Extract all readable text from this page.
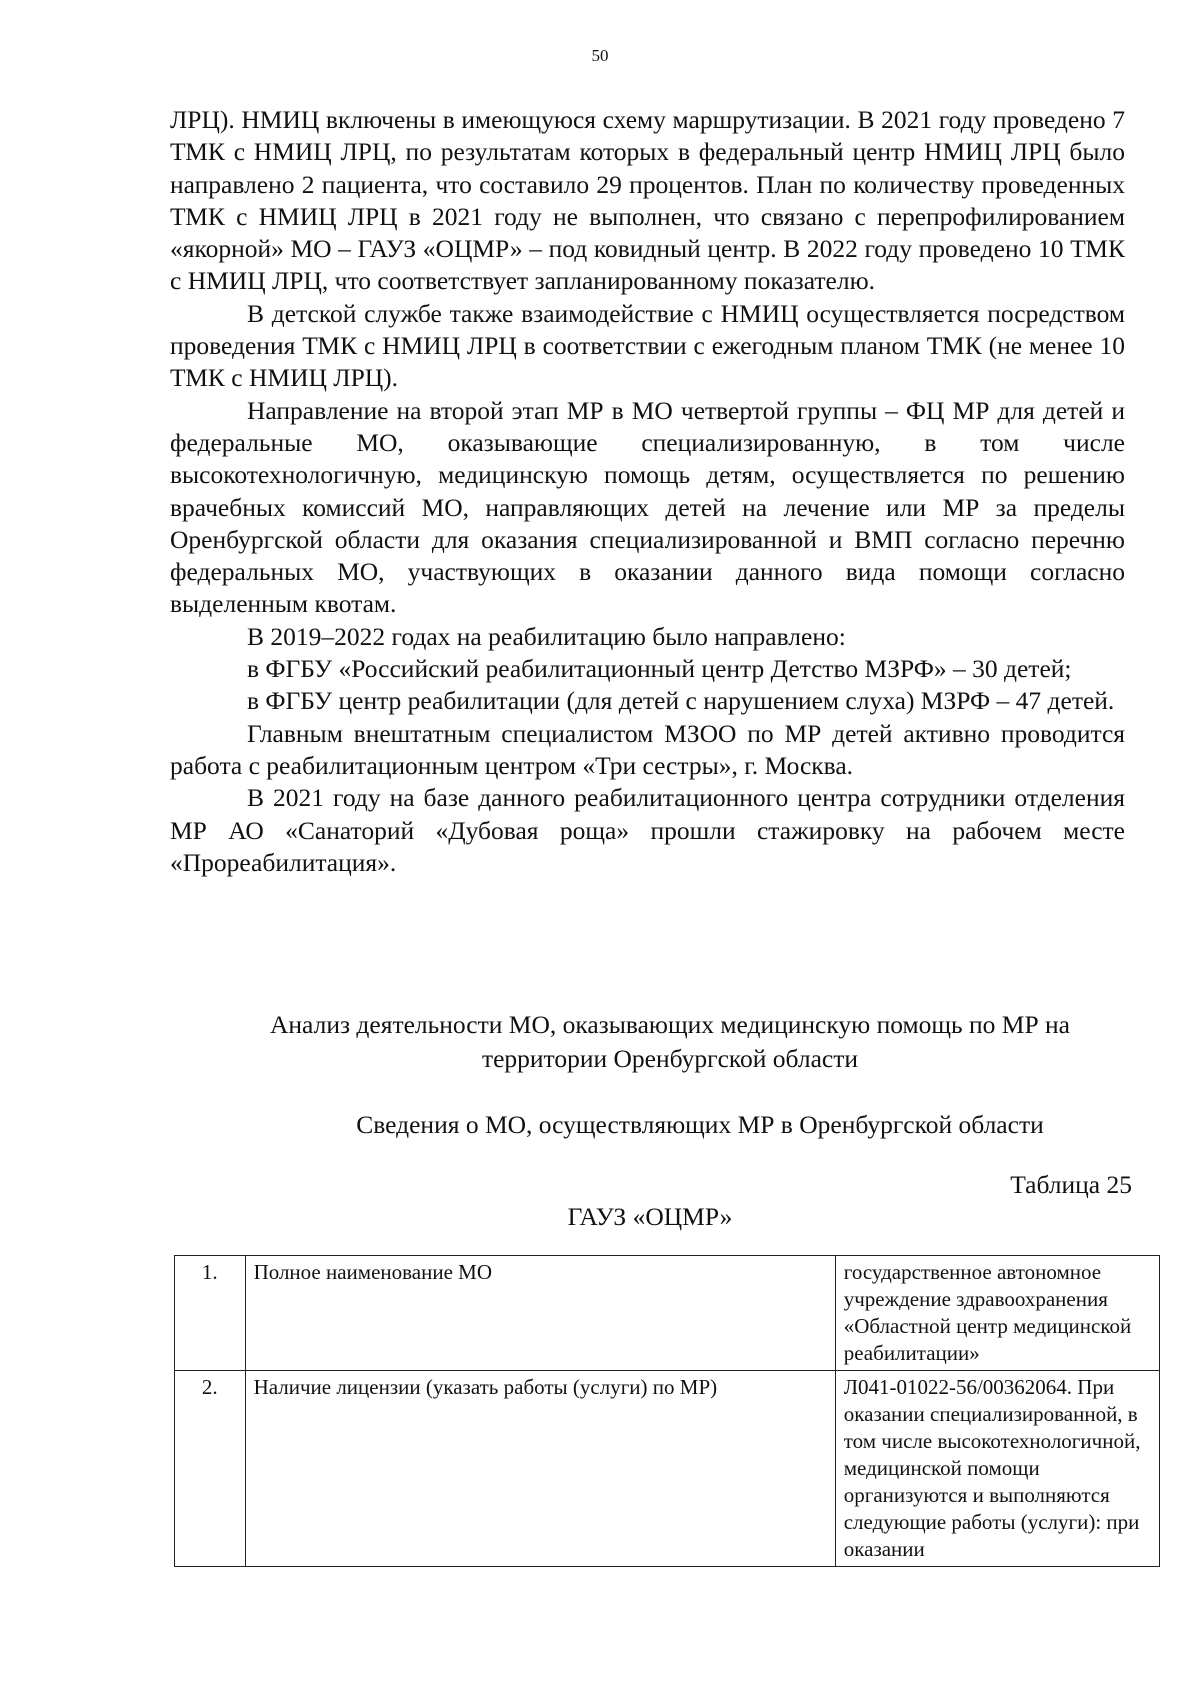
50

ЛРЦ). НМИЦ включены в имеющуюся схему маршрутизации. В 2021 году проведено 7 ТМК с НМИЦ ЛРЦ, по результатам которых в федеральный центр НМИЦ ЛРЦ было направлено 2 пациента, что составило 29 процентов. План по количеству проведенных ТМК с НМИЦ ЛРЦ в 2021 году не выполнен, что связано с перепрофилированием «якорной» МО – ГАУЗ «ОЦМР» – под ковидный центр. В 2022 году проведено 10 ТМК с НМИЦ ЛРЦ, что соответствует запланированному показателю.

В детской службе также взаимодействие с НМИЦ осуществляется посредством проведения ТМК с НМИЦ ЛРЦ в соответствии с ежегодным планом ТМК (не менее 10 ТМК с НМИЦ ЛРЦ).

Направление на второй этап МР в МО четвертой группы – ФЦ МР для детей и федеральные МО, оказывающие специализированную, в том числе высокотехнологичную, медицинскую помощь детям, осуществляется по решению врачебных комиссий МО, направляющих детей на лечение или МР за пределы Оренбургской области для оказания специализированной и ВМП согласно перечню федеральных МО, участвующих в оказании данного вида помощи согласно выделенным квотам.

В 2019–2022 годах на реабилитацию было направлено:

в ФГБУ «Российский реабилитационный центр Детство МЗРФ» – 30 детей;

в ФГБУ центр реабилитации (для детей с нарушением слуха) МЗРФ – 47 детей.

Главным внештатным специалистом МЗОО по МР детей активно проводится работа с реабилитационным центром «Три сестры», г. Москва.

В 2021 году на базе данного реабилитационного центра сотрудники отделения МР АО «Санаторий «Дубовая роща» прошли стажировку на рабочем месте «Прореабилитация».

Анализ деятельности МО, оказывающих медицинскую помощь по МР на территории Оренбургской области
Сведения о МО, осуществляющих МР в Оренбургской области
Таблица 25
ГАУЗ «ОЦМР»
1.	Полное наименование МО	государственное автономное учреждение здравоохранения «Областной центр медицинской реабилитации»
2.	Наличие лицензии (указать работы (услуги) по МР)	Л041-01022-56/00362064. При оказании специализированной, в том числе высокотехнологичной, медицинской помощи организуются и выполняются следующие работы (услуги): при оказании
